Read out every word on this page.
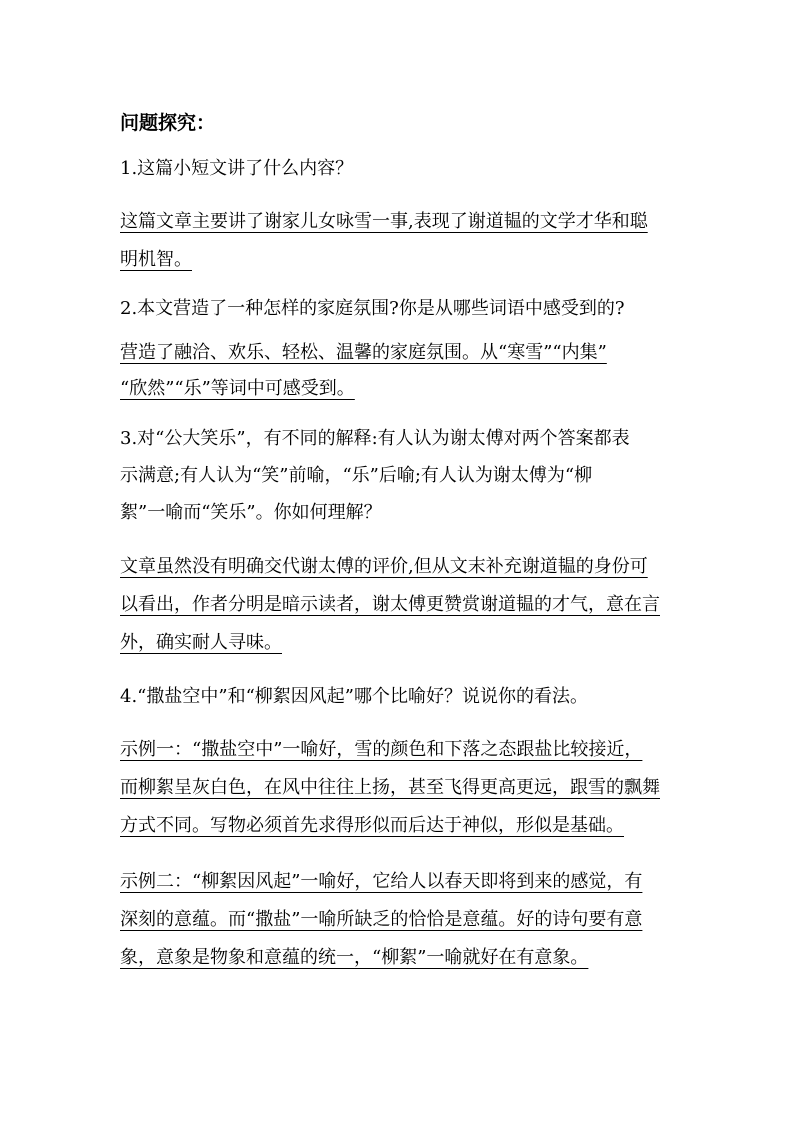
问题探究：

1.这篇小短文讲了什么内容？

这篇文章主要讲了谢家儿女咏雪一事,表现了谢道韫的文学才华和聪
明机智。

2.本文营造了一种怎样的家庭氛围?你是从哪些词语中感受到的?

营造了融洽、欢乐、轻松、温馨的家庭氛围。从“寒雪”“内集”
“欣然”“乐”等词中可感受到。
3.对“公大笑乐”，有不同的解释:有人认为谢太傅对两个答案都表
示满意;有人认为“笑”前喻，“乐”后喻;有人认为谢太傅为“柳
絮”一喻而“笑乐”。你如何理解？
文章虽然没有明确交代谢太傅的评价,但从文末补充谢道韫的身份可
以看出，作者分明是暗示读者，谢太傅更赞赏谢道韫的才气，意在言
外，确实耐人寻味。

4.“撒盐空中”和“柳絮因风起”哪个比喻好？说说你的看法。

示例一：“撒盐空中”一喻好，雪的颜色和下落之态跟盐比较接近，
而柳絮呈灰白色，在风中往往上扬，甚至飞得更高更远，跟雪的飘舞
方式不同。写物必须首先求得形似而后达于神似，形似是基础。
示例二：“柳絮因风起”一喻好，它给人以春天即将到来的感觉，有
深刻的意蕴。而“撒盐”一喻所缺乏的恰恰是意蕴。好的诗句要有意
象，意象是物象和意蕴的统一，“柳絮”一喻就好在有意象。
